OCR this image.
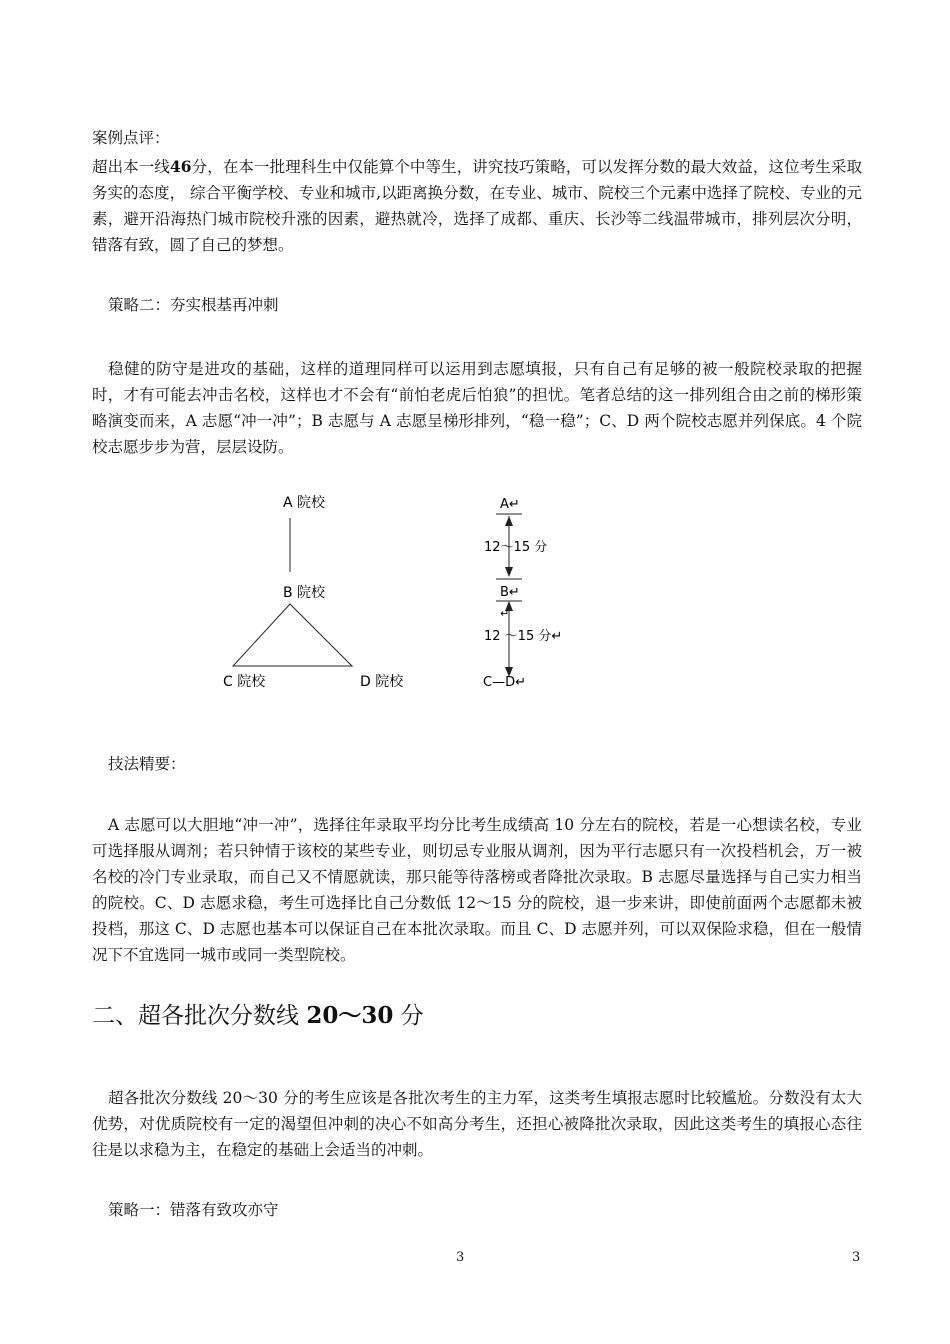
案例点评：

超出本一线46分，在本一批理科生中仅能算个中等生，讲究技巧策略，可以发挥分数的最大效益，这位考生采取务实的态度， 综合平衡学校、专业和城市,以距离换分数，在专业、城市、院校三个元素中选择了院校、专业的元素，避开沿海热门城市院校升涨的因素，避热就冷，选择了成都、重庆、长沙等二线温带城市，排列层次分明，错落有致，圆了自己的梦想。

策略二：夯实根基再冲刺

稳健的防守是进攻的基础，这样的道理同样可以运用到志愿填报，只有自己有足够的被一般院校录取的把握时，才有可能去冲击名校，这样也才不会有“前怕老虎后怕狼”的担忧。笔者总结的这一排列组合由之前的梯形策略演变而来，A 志愿“冲一冲”；B 志愿与 A 志愿呈梯形排列，“稳一稳”；C、D 两个院校志愿并列保底。4 个院校志愿步步为营，层层设防。

A 院校
B 院校
C 院校	D 院校
A↵
12～15 分
B↵
↵
12 ～15 分↵
C—D↵
技法精要：

A 志愿可以大胆地“冲一冲”，选择往年录取平均分比考生成绩高 10 分左右的院校，若是一心想读名校，专业可选择服从调剂；若只钟情于该校的某些专业，则切忌专业服从调剂，因为平行志愿只有一次投档机会，万一被名校的冷门专业录取，而自己又不情愿就读，那只能等待落榜或者降批次录取。B 志愿尽量选择与自己实力相当的院校。C、D 志愿求稳，考生可选择比自己分数低 12～15 分的院校，退一步来讲，即使前面两个志愿都未被投档，那这 C、D 志愿也基本可以保证自己在本批次录取。而且 C、D 志愿并列，可以双保险求稳，但在一般情况下不宜选同一城市或同一类型院校。

二、超各批次分数线 20～30 分

超各批次分数线 20～30 分的考生应该是各批次考生的主力军，这类考生填报志愿时比较尴尬。分数没有太大优势，对优质院校有一定的渴望但冲刺的决心不如高分考生，还担心被降批次录取，因此这类考生的填报心态往往是以求稳为主，在稳定的基础上会适当的冲刺。

策略一：错落有致攻亦守
3	3
